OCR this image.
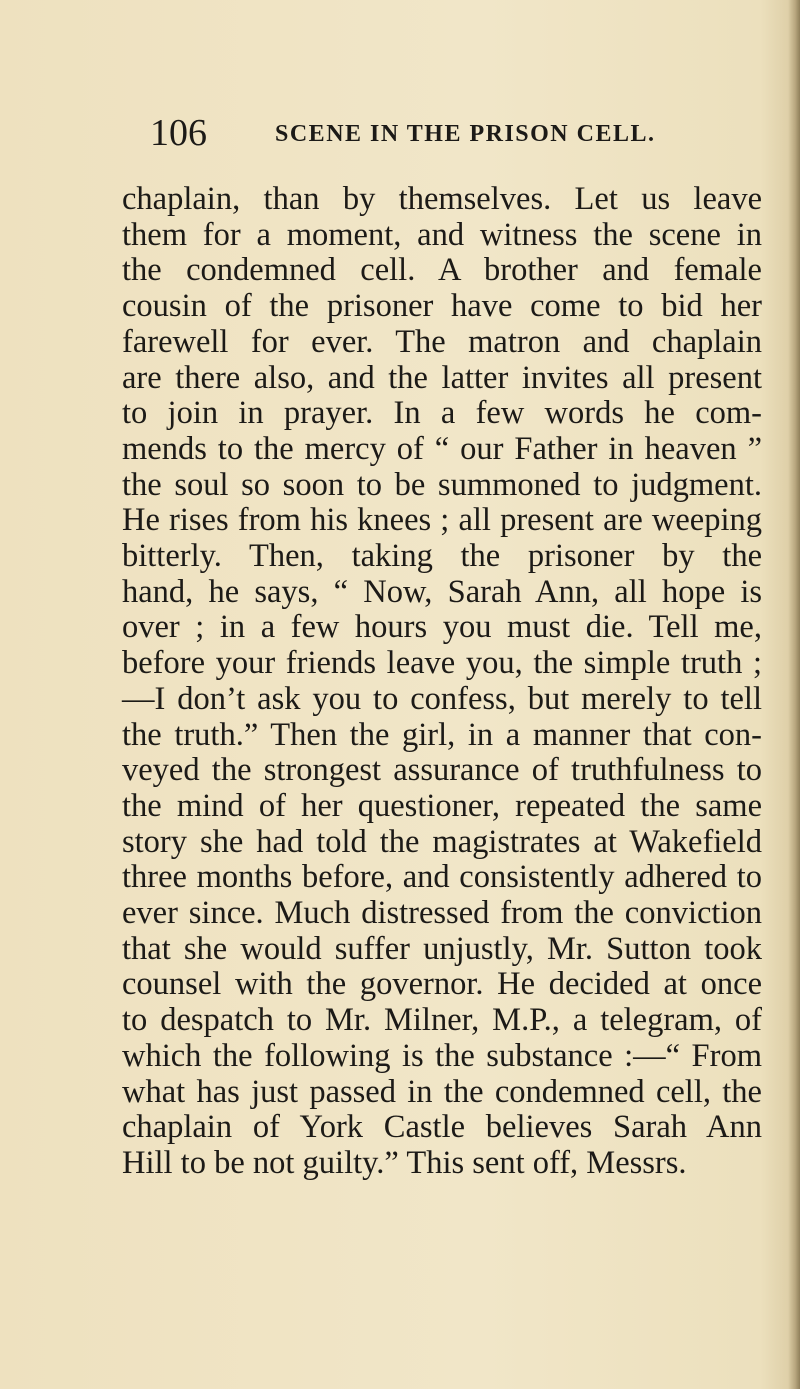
106	SCENE IN THE PRISON CELL.
chaplain, than by themselves. Let us leave
them for a moment, and witness the scene in
the condemned cell. A brother and female
cousin of the prisoner have come to bid her
farewell for ever. The matron and chaplain
are there also, and the latter invites all present
to join in prayer. In a few words he com-
mends to the mercy of “ our Father in heaven ”
the soul so soon to be summoned to judgment.
He rises from his knees ; all present are weeping
bitterly. Then, taking the prisoner by the
hand, he says, “ Now, Sarah Ann, all hope is
over ; in a few hours you must die. Tell me,
before your friends leave you, the simple truth ;
—I don’t ask you to confess, but merely to tell
the truth.” Then the girl, in a manner that con-
veyed the strongest assurance of truthfulness to
the mind of her questioner, repeated the same
story she had told the magistrates at Wakefield
three months before, and consistently adhered to
ever since. Much distressed from the conviction
that she would suffer unjustly, Mr. Sutton took
counsel with the governor. He decided at once
to despatch to Mr. Milner, M.P., a telegram, of
which the following is the substance :—“ From
what has just passed in the condemned cell, the
chaplain of York Castle believes Sarah Ann
Hill to be not guilty.” This sent off, Messrs.
